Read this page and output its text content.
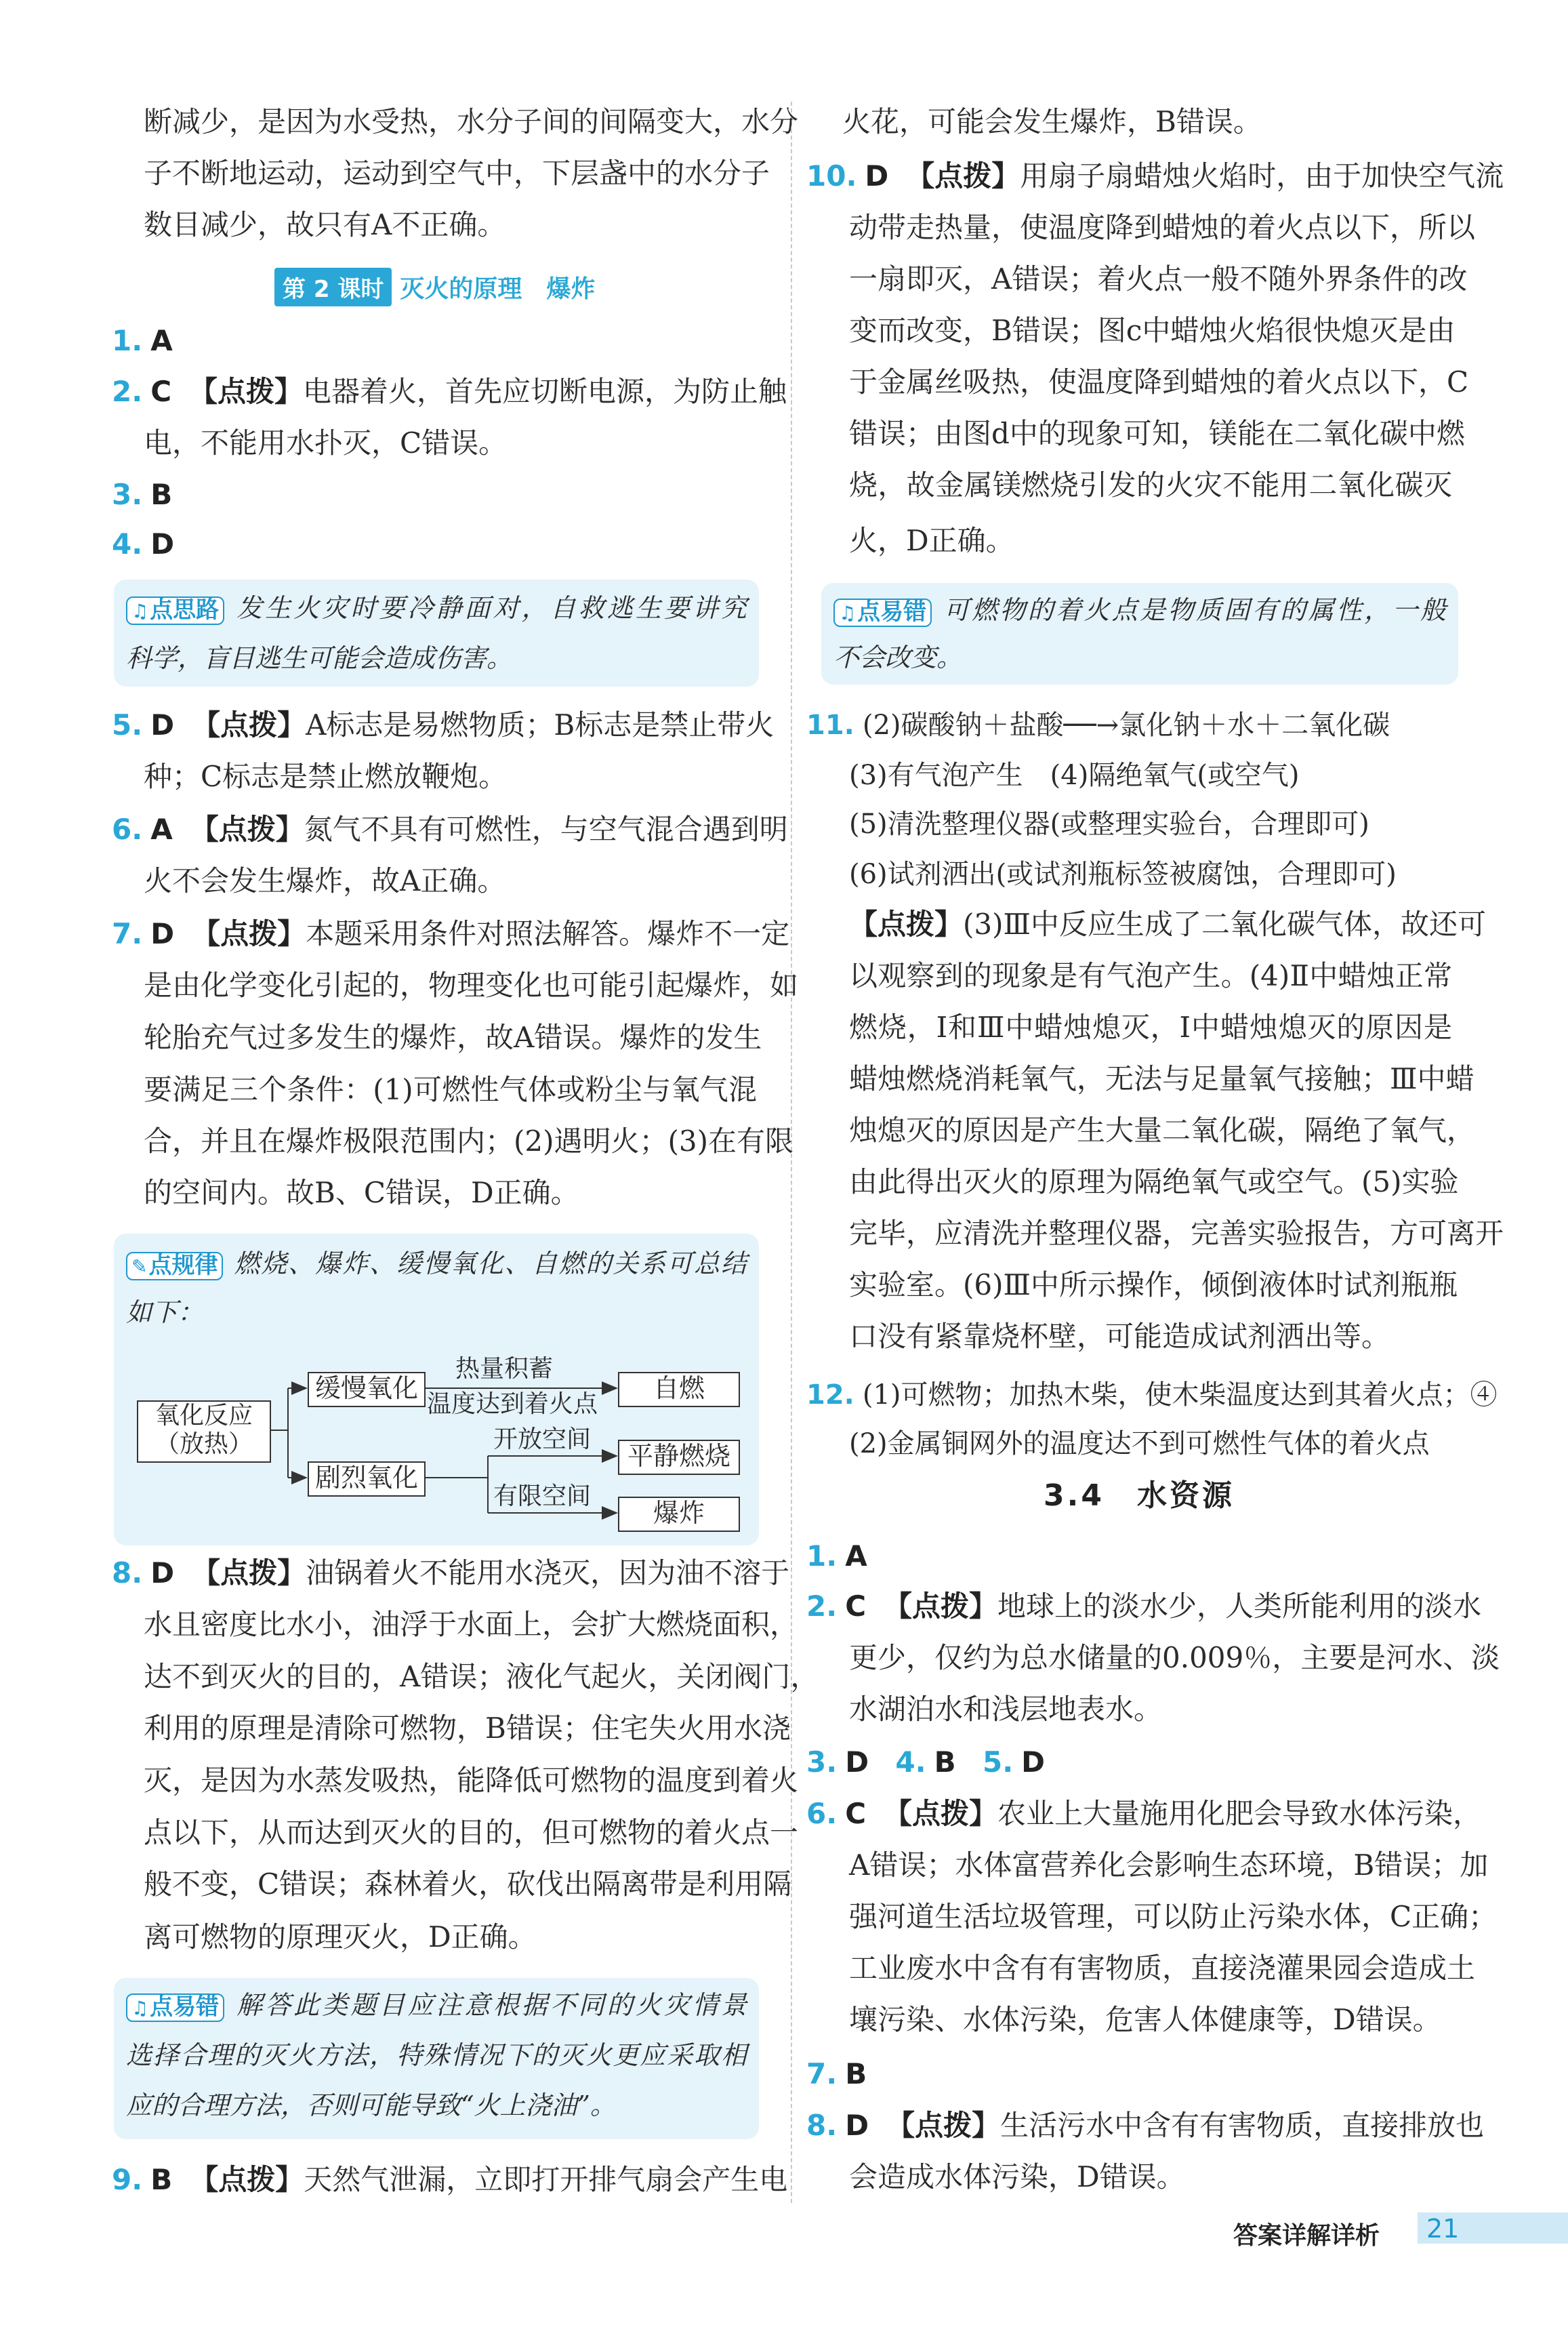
断减少，是因为水受热，水分子间的间隔变大，水分
子不断地运动，运动到空气中，下层盏中的水分子
数目减少，故只有A不正确。
第 2 课时 灭火的原理　爆炸
1. A
2. C 【点拨】电器着火，首先应切断电源，为防止触
电，不能用水扑灭，C错误。
3. B
4. D
♫点思路 发生火灾时要冷静面对，自救逃生要讲究
科学，盲目逃生可能会造成伤害。
5. D 【点拨】A标志是易燃物质；B标志是禁止带火
种；C标志是禁止燃放鞭炮。
6. A 【点拨】氮气不具有可燃性，与空气混合遇到明
火不会发生爆炸，故A正确。
7. D 【点拨】本题采用条件对照法解答。爆炸不一定
是由化学变化引起的，物理变化也可能引起爆炸，如
轮胎充气过多发生的爆炸，故A错误。爆炸的发生
要满足三个条件：(1)可燃性气体或粉尘与氧气混
合，并且在爆炸极限范围内；(2)遇明火；(3)在有限
的空间内。故B、C错误，D正确。
✎点规律 燃烧、爆炸、缓慢氧化、自燃的关系可总结
如下：
氧化反应（放热）
缓慢氧化
剧烈氧化
自燃
平静燃烧
爆炸
热量积蓄
温度达到着火点
开放空间
有限空间
8. D 【点拨】油锅着火不能用水浇灭，因为油不溶于
水且密度比水小，油浮于水面上，会扩大燃烧面积，
达不到灭火的目的，A错误；液化气起火，关闭阀门，
利用的原理是清除可燃物，B错误；住宅失火用水浇
灭，是因为水蒸发吸热，能降低可燃物的温度到着火
点以下，从而达到灭火的目的，但可燃物的着火点一
般不变，C错误；森林着火，砍伐出隔离带是利用隔
离可燃物的原理灭火，D正确。
♫点易错 解答此类题目应注意根据不同的火灾情景
选择合理的灭火方法，特殊情况下的灭火更应采取相
应的合理方法，否则可能导致“火上浇油”。
9. B 【点拨】天然气泄漏，立即打开排气扇会产生电
火花，可能会发生爆炸，B错误。
10. D 【点拨】用扇子扇蜡烛火焰时，由于加快空气流
动带走热量，使温度降到蜡烛的着火点以下，所以
一扇即灭，A错误；着火点一般不随外界条件的改
变而改变，B错误；图c中蜡烛火焰很快熄灭是由
于金属丝吸热，使温度降到蜡烛的着火点以下，C
错误；由图d中的现象可知，镁能在二氧化碳中燃
烧，故金属镁燃烧引发的火灾不能用二氧化碳灭
火，D正确。
♫点易错 可燃物的着火点是物质固有的属性，一般
不会改变。
11. (2)碳酸钠＋盐酸──→氯化钠＋水＋二氧化碳
(3)有气泡产生　(4)隔绝氧气(或空气)
(5)清洗整理仪器(或整理实验台，合理即可)
(6)试剂洒出(或试剂瓶标签被腐蚀，合理即可)
【点拨】(3)Ⅲ中反应生成了二氧化碳气体，故还可
以观察到的现象是有气泡产生。(4)Ⅱ中蜡烛正常
燃烧，Ⅰ和Ⅲ中蜡烛熄灭，Ⅰ中蜡烛熄灭的原因是
蜡烛燃烧消耗氧气，无法与足量氧气接触；Ⅲ中蜡
烛熄灭的原因是产生大量二氧化碳，隔绝了氧气，
由此得出灭火的原理为隔绝氧气或空气。(5)实验
完毕，应清洗并整理仪器，完善实验报告，方可离开
实验室。(6)Ⅲ中所示操作，倾倒液体时试剂瓶瓶
口没有紧靠烧杯壁，可能造成试剂洒出等。
12. (1)可燃物；加热木柴，使木柴温度达到其着火点；④
(2)金属铜网外的温度达不到可燃性气体的着火点
3.4　水资源
1. A
2. C 【点拨】地球上的淡水少，人类所能利用的淡水
更少，仅约为总水储量的0.009％，主要是河水、淡
水湖泊水和浅层地表水。
3. D 4. B 5. D
6. C 【点拨】农业上大量施用化肥会导致水体污染，
A错误；水体富营养化会影响生态环境，B错误；加
强河道生活垃圾管理，可以防止污染水体，C正确；
工业废水中含有有害物质，直接浇灌果园会造成土
壤污染、水体污染，危害人体健康等，D错误。
7. B
8. D 【点拨】生活污水中含有有害物质，直接排放也
会造成水体污染，D错误。
答案详解详析 21
